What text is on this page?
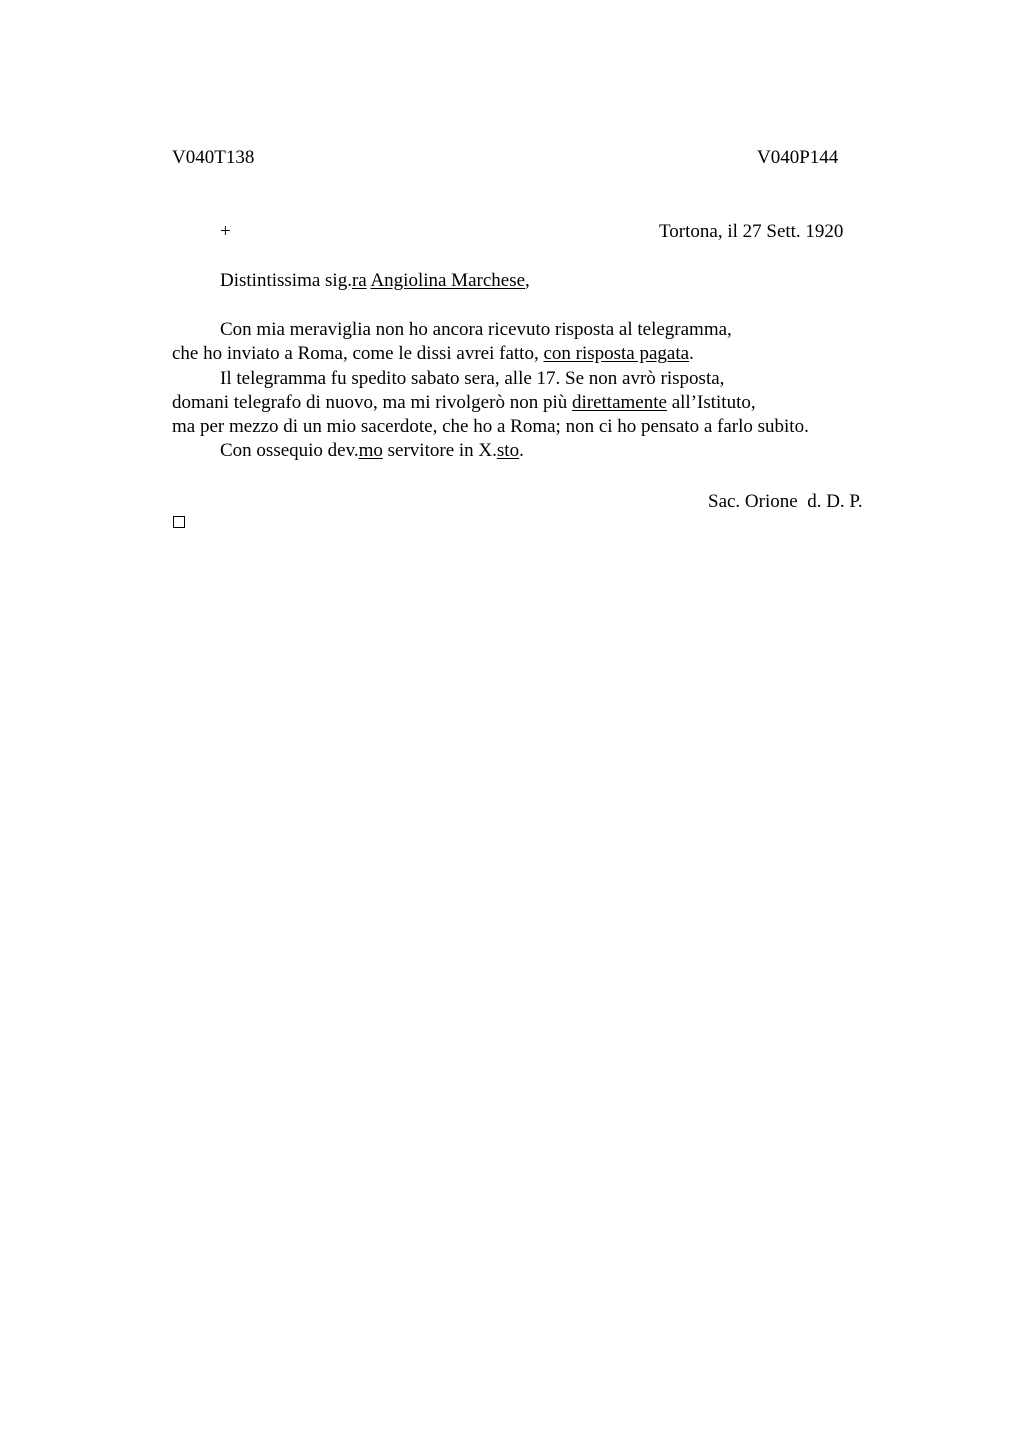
V040T138	V040P144
+	Tortona, il 27 Sett. 1920
Distintissima sig.ra Angiolina Marchese,
Con mia meraviglia non ho ancora ricevuto risposta al telegramma,
che ho inviato a Roma, come le dissi avrei fatto, con risposta pagata.
Il telegramma fu spedito sabato sera, alle 17. Se non avrò risposta,
domani telegrafo di nuovo, ma mi rivolgerò non più direttamente all’Istituto,
ma per mezzo di un mio sacerdote, che ho a Roma; non ci ho pensato a farlo subito.
Con ossequio dev.mo servitore in X.sto.
Sac. Orione  d. D. P.
